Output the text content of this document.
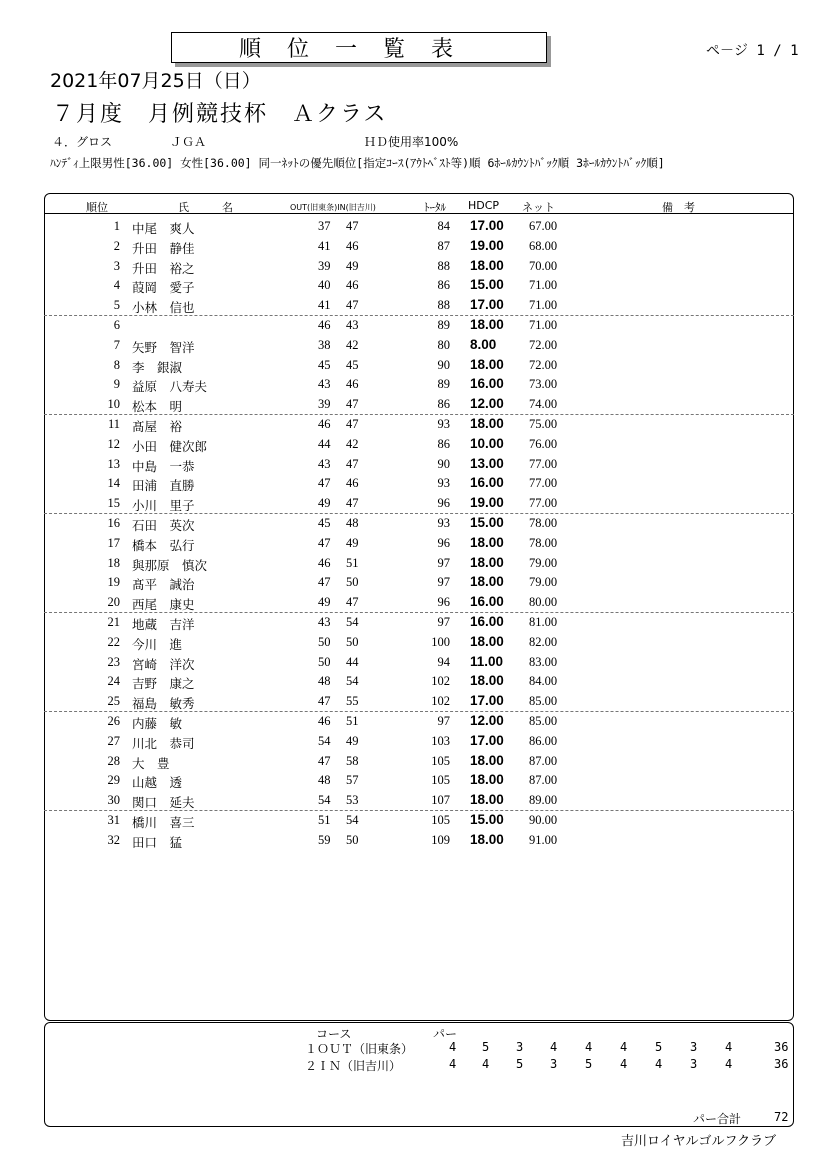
順位一覧表	ペ－ジ 1 / 1
2021年07月25日（日）
７月度　月例競技杯　Ａクラス
４．グロス	ＪＧＡ	ＨＤ使用率100%
ﾊﾝﾃﾞｨ上限男性[36.00] 女性[36.00] 同一ﾈｯﾄの優先順位[指定ｺｰｽ(ｱｳﾄﾍﾞｽﾄ等)順 6ﾎｰﾙｶｳﾝﾄﾊﾞｯｸ順 3ﾎｰﾙｶｳﾝﾄﾊﾞｯｸ順]
順位	氏　　　名	OUT(旧東条)IN(旧吉川)	ﾄｰﾀﾙ HDCP ネット	備　考
1 中尾　爽人	37 47	84 17.00 67.00
2 升田　静佳	41 46	87 19.00 68.00
3 升田　裕之	39 49	88 18.00 70.00
4 葭岡　愛子	40 46	86 15.00 71.00
5 小林　信也	41 47	88 17.00 71.00
6	46 43	89 18.00 71.00
7 矢野　智洋	38 42	80 8.00	72.00
8 李　銀淑	45 45	90 18.00 72.00
9 益原　八寿夫	43 46	89 16.00 73.00
10 松本　明	39 47	86 12.00 74.00
11 髙屋　裕	46 47	93 18.00 75.00
12 小田　健次郎	44 42	86 10.00 76.00
13 中島　一恭	43 47	90 13.00 77.00
14 田浦　直勝	47 46	93 16.00 77.00
15 小川　里子	49 47	96 19.00 77.00
16 石田　英次	45 48	93 15.00 78.00
17 橋本　弘行	47 49	96 18.00 78.00
18 與那原　慎次	46 51	97 18.00 79.00
19 髙平　誠治	47 50	97 18.00 79.00
20 西尾　康史	49 47	96 16.00 80.00
21 地蔵　吉洋	43 54	97 16.00 81.00
22 今川　進	50 50	100 18.00 82.00
23 宮崎　洋次	50 44	94 11.00 83.00
24 吉野　康之	48 54	102 18.00 84.00
25 福島　敏秀	47 55	102 17.00 85.00
26 内藤　敏	46 51	97 12.00 85.00
27 川北　恭司	54 49	103 17.00 86.00
28 大　豊	47 58	105 18.00 87.00
29 山越　透	48 57	105 18.00 87.00
30 関口　延夫	54 53	107 18.00 89.00
31 橋川　喜三	51 54	105 15.00 90.00
32 田口　猛	59 50	109 18.00 91.00
コース	パー
１ＯＵＴ（旧東条）	4 5 3 4 4 4 5 3 4	36
２ＩＮ（旧吉川）	4 4 5 3 5 4 4 3 4	36
パー合計	72
吉川ロイヤルゴルフクラブ
